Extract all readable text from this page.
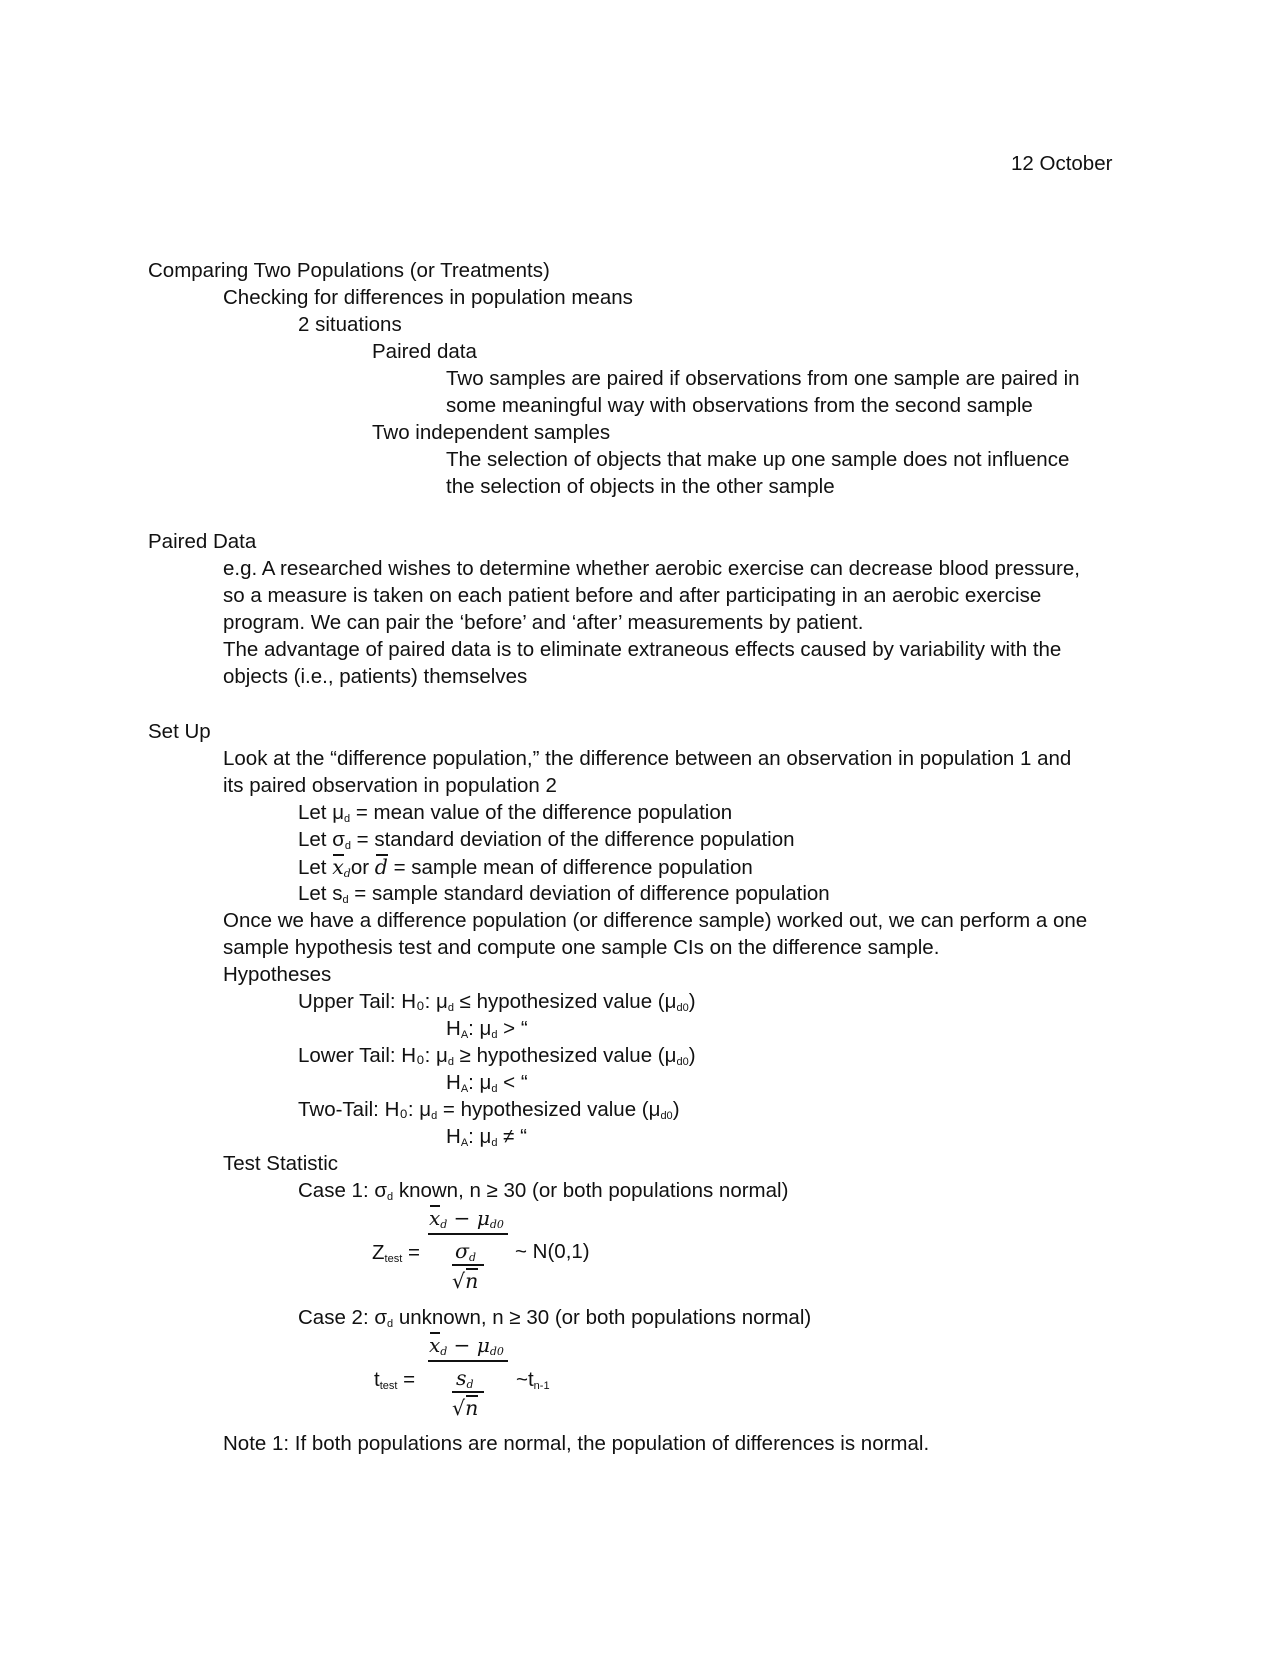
12 October
Comparing Two Populations (or Treatments)
Checking for differences in population means
2 situations
Paired data
Two samples are paired if observations from one sample are paired in
some meaningful way with observations from the second sample
Two independent samples
The selection of objects that make up one sample does not influence
the selection of objects in the other sample
Paired Data
e.g. A researched wishes to determine whether aerobic exercise can decrease blood pressure,
so a measure is taken on each patient before and after participating in an aerobic exercise
program. We can pair the ‘before’ and ‘after’ measurements by patient.
The advantage of paired data is to eliminate extraneous effects caused by variability with the
objects (i.e., patients) themselves
Set Up
Look at the “difference population,” the difference between an observation in population 1 and
its paired observation in population 2
Let $\mu_d$ = mean value of the difference population
Let $\sigma_d$ = standard deviation of the difference population
Let $x_dor$ d = sample mean of difference population
Let $s_d$ = sample standard deviation of difference population
Once we have a difference population (or difference sample) worked out, we can perform a one
sample hypothesis test and compute one sample CIs on the difference sample.
Hypotheses
Upper Tail: H₀: $\mu_d$ ≤ hypothesized value $(\mu_{d0})$
$H_A$: $\mu_d$ > “
Lower Tail: H₀: $\mu_d$ ≥ hypothesized value $(\mu_{d0})$
$H_A$: $\mu_d$ < “
Two-Tail: H₀: $\mu_d$ = hypothesized value $(\mu_{d0})$
$H_A$: $\mu_d$ ≠ “
Test Statistic
Case 1: $\sigma_d$ known, n ≥ 30 (or both populations normal)
$x_d - \mu_{d0}$
$Z_{test} = \sigma_d$
√n
~ N(0,1)
Case 2: $\sigma_d$ unknown, n ≥ 30 (or both populations normal)
$x_d - \mu_{d0}$
$t_{test} = s_d$
√n
$\sim t_{n-1}$
Note 1: If both populations are normal, the population of differences is normal.
